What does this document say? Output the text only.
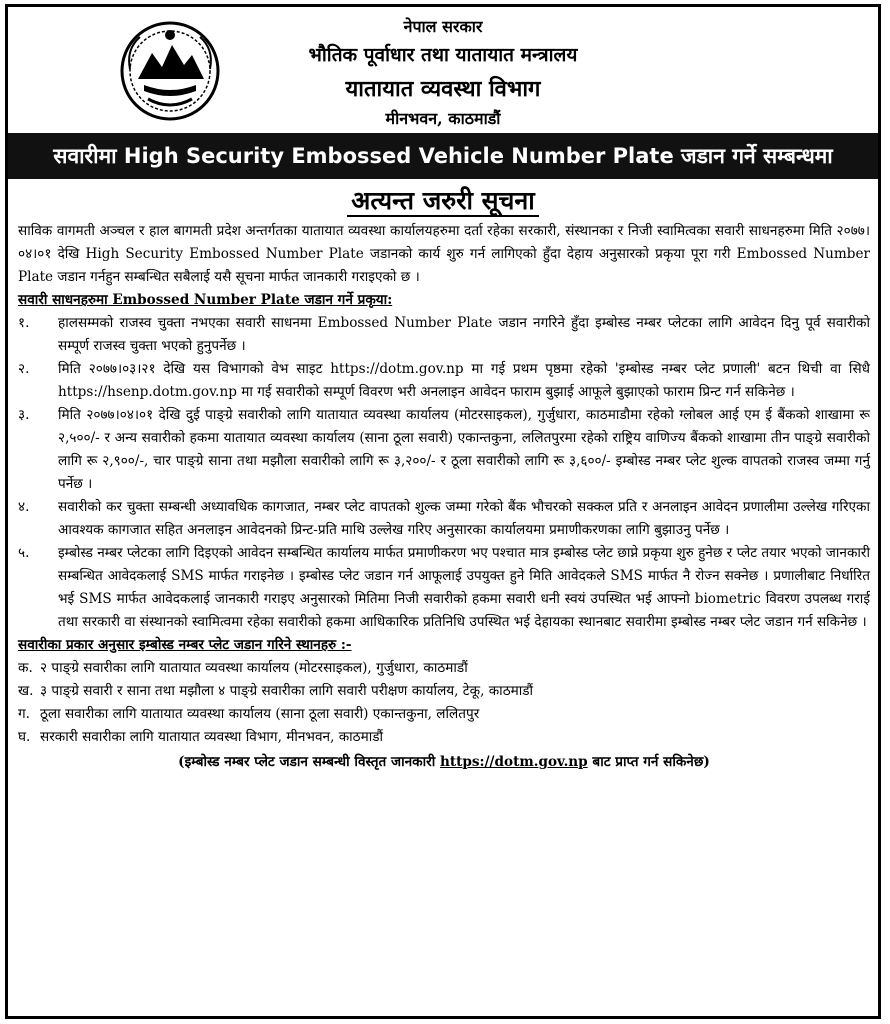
नेपाल सरकार
भौतिक पूर्वाधार तथा यातायात मन्त्रालय
यातायात व्यवस्था विभाग
मीनभवन, काठमाडौं
सवारीमा High Security Embossed Vehicle Number Plate जडान गर्ने सम्बन्धमा
अत्यन्त जरुरी सूचना

साविक वागमती अञ्चल र हाल बागमती प्रदेश अन्तर्गतका यातायात व्यवस्था कार्यालयहरुमा दर्ता रहेका सरकारी, संस्थानका र निजी स्वामित्वका सवारी साधनहरुमा मिति २०७७।०४।०१ देखि High Security Embossed Number Plate जडानको कार्य शुरु गर्न लागिएको हुँदा देहाय अनुसारको प्रकृया पूरा गरी Embossed Number Plate जडान गर्नहुन सम्बन्धित सबैलाई यसै सूचना मार्फत जानकारी गराइएको छ ।

सवारी साधनहरुमा Embossed Number Plate जडान गर्ने प्रकृया:

१.	हालसम्मको राजस्व चुक्ता नभएका सवारी साधनमा Embossed Number Plate जडान नगरिने हुँदा इम्बोस्ड नम्बर प्लेटका लागि आवेदन दिनु पूर्व सवारीको सम्पूर्ण राजस्व चुक्ता भएको हुनुपर्नेछ ।
२.	मिति २०७७।०३।२१ देखि यस विभागको वेभ साइट https://dotm.gov.np मा गई प्रथम पृष्ठमा रहेको 'इम्बोस्ड नम्बर प्लेट प्रणाली' बटन थिची वा सिधै https://hsenp.dotm.gov.np मा गई सवारीको सम्पूर्ण विवरण भरी अनलाइन आवेदन फाराम बुझाई आफूले बुझाएको फाराम प्रिन्ट गर्न सकिनेछ ।
३.	मिति २०७७।०४।०१ देखि दुई पाङ्ग्रे सवारीको लागि यातायात व्यवस्था कार्यालय (मोटरसाइकल), गुर्जुधारा, काठमाडौमा रहेको ग्लोबल आई एम ई बैंकको शाखामा रू २,५००/- र अन्य सवारीको हकमा यातायात व्यवस्था कार्यालय (साना ठूला सवारी) एकान्तकुना, ललितपुरमा रहेको राष्ट्रिय वाणिज्य बैंकको शाखामा तीन पाङ्ग्रे सवारीको लागि रू २,९००/-, चार पाङ्ग्रे साना तथा मझौला सवारीको लागि रू ३,२००/- र ठूला सवारीको लागि रू ३,६००/- इम्बोस्ड नम्बर प्लेट शुल्क वापतको राजस्व जम्मा गर्नु पर्नेछ ।
४.	सवारीको कर चुक्ता सम्बन्धी अध्यावधिक कागजात, नम्बर प्लेट वापतको शुल्क जम्मा गरेको बैंक भौचरको सक्कल प्रति र अनलाइन आवेदन प्रणालीमा उल्लेख गरिएका आवश्यक कागजात सहित अनलाइन आवेदनको प्रिन्ट-प्रति माथि उल्लेख गरिए अनुसारका कार्यालयमा प्रमाणीकरणका लागि बुझाउनु पर्नेछ ।
५.	इम्बोस्ड नम्बर प्लेटका लागि दिइएको आवेदन सम्बन्धित कार्यालय मार्फत प्रमाणीकरण भए पश्चात मात्र इम्बोस्ड प्लेट छाप्ने प्रकृया शुरु हुनेछ र प्लेट तयार भएको जानकारी सम्बन्धित आवेदकलाई SMS मार्फत गराइनेछ । इम्बोस्ड प्लेट जडान गर्न आफूलाई उपयुक्त हुने मिति आवेदकले SMS मार्फत नै रोज्न सक्नेछ । प्रणालीबाट निर्धारित भई SMS मार्फत आवेदकलाई जानकारी गराइए अनुसारको मितिमा निजी सवारीको हकमा सवारी धनी स्वयं उपस्थित भई आफ्नो biometric विवरण उपलब्ध गराई तथा सरकारी वा संस्थानको स्वामित्वमा रहेका सवारीको हकमा आधिकारिक प्रतिनिधि उपस्थित भई देहायका स्थानबाट सवारीमा इम्बोस्ड नम्बर प्लेट जडान गर्न सकिनेछ ।

सवारीका प्रकार अनुसार इम्बोस्ड नम्बर प्लेट जडान गरिने स्थानहरु :-

क. २ पाङ्ग्रे सवारीका लागि यातायात व्यवस्था कार्यालय (मोटरसाइकल), गुर्जुधारा, काठमाडौं
ख. ३ पाङ्ग्रे सवारी र साना तथा मझौला ४ पाङ्ग्रे सवारीका लागि सवारी परीक्षण कार्यालय, टेकू, काठमाडौं
ग. ठूला सवारीका लागि यातायात व्यवस्था कार्यालय (साना ठूला सवारी) एकान्तकुना, ललितपुर
घ. सरकारी सवारीका लागि यातायात व्यवस्था विभाग, मीनभवन, काठमाडौं
(इम्बोस्ड नम्बर प्लेट जडान सम्बन्धी विस्तृत जानकारी https://dotm.gov.np बाट प्राप्त गर्न सकिनेछ)
